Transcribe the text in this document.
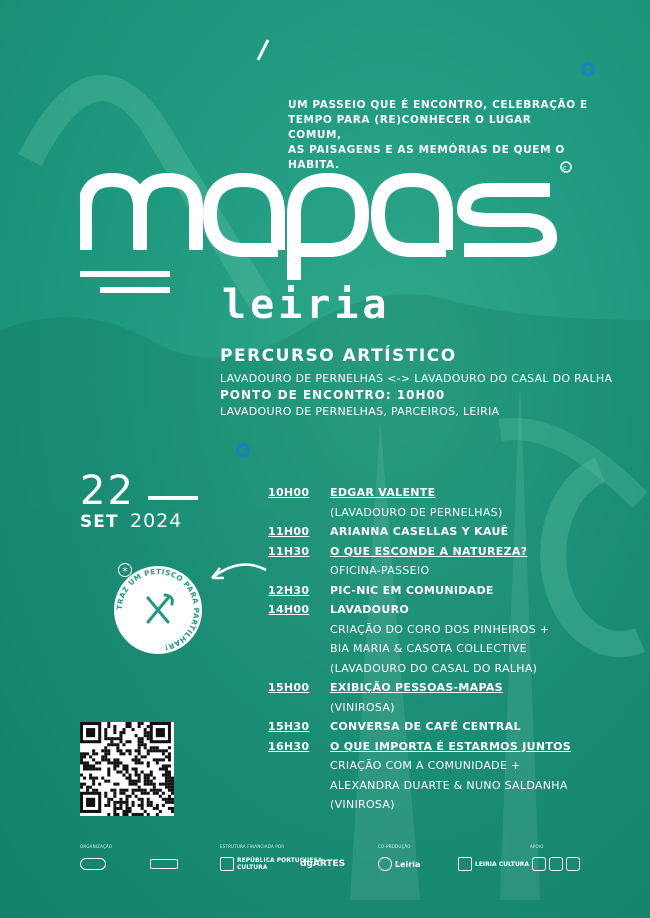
UM PASSEIO QUE É ENCONTRO, CELEBRAÇÃO E
TEMPO PARA (RE)CONHECER O LUGAR COMUM,
AS PAISAGENS E AS MEMÓRIAS DE QUEM O HABITA.	c
leiria
PERCURSO ARTÍSTICO
LAVADOURO DE PERNELHAS <-> LAVADOURO DO CASAL DO RALHA
PONTO DE ENCONTRO: 10H00
LAVADOURO DE PERNELHAS, PARCEIROS, LEIRIA
22
SET 2024
TRAZ UM PETISCO PARA PARTILHAR!
*
10H00 EDGAR VALENTE
(LAVADOURO DE PERNELHAS)
11H00 ARIANNA CASELLAS Y KAUÊ
11H30 O QUE ESCONDE A NATUREZA?
OFICINA-PASSEIO
12H30 PIC-NIC EM COMUNIDADE
14H00 LAVADOURO
CRIAÇÃO DO CORO DOS PINHEIROS +
BIA MARIA & CASOTA COLLECTIVE
(LAVADOURO DO CASAL DO RALHA)
15H00 EXIBIÇÃO PESSOAS-MAPAS
(VINIROSA)
15H30 CONVERSA DE CAFÉ CENTRAL
16H30 O QUE IMPORTA É ESTARMOS JUNTOS
CRIAÇÃO COM A COMUNIDADE +
ALEXANDRA DUARTE & NUNO SALDANHA
(VINIROSA)
ORGANIZAÇÃO	ESTRUTURA FINANCIADA POR	CO-PRODUÇÃO	APOIO
REPÚBLICA PORTUGUESA
CULTURA	dgARTES	Leiria	LEIRIA CULTURA
